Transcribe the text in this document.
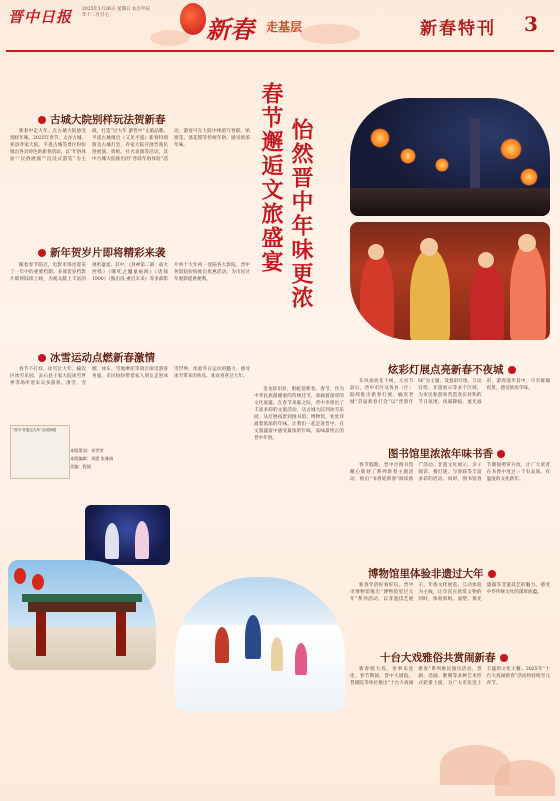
晋中日报 2025年1月26日 星期日 农历甲辰年十二月廿七	新春 走基层	新春特刊 3
古城大院别样玩法贺新春
新春中走大年。在古城大院感受别样年味。2025年春节，太谷古城、祁县乔家大院、平遥古城等景区纷纷推出各具特色的新春活动，以“年俗体验”“民俗展演”“沉浸式游览”为主线，打造“过大年 游晋中”文旅品牌。平遥古城推出《又见平遥》新春特别版及古城灯会，乔家大院开展晋商民俗展演、剪纸、社火表演等活动。其中古城大院推出的“晋商年俗体验”活动，游客可在大院中体验写春联、贴窗花、蒸花馍等传统年俗，感受浓浓年味。
新年贺岁片即将精彩来袭
随着春节临近，电影市场也迎来了一年中的重要档期。多部贺岁档影片即将陆续上映，为观众献上丰富的视听盛宴。其中，《封神第二部：战火西岐》《哪吒之魔童闹海》《唐探1900》《熊出没·重启未来》等多部影片将于大年初一登陆各大影院。晋中各影院纷纷推出优惠活动，为市民过年观影提供便利。
冰雪运动点燃新春激情
春节不打烊，冰雪过大年。榆次区冰雪乐园、灵石县王家大院冰雪世界等场所迎来众多游客。滑雪、雪圈、冰车、雪地摩托等项目深受游客喜爱。市民纷纷带着家人朋友走进冰雪世界，体验冬日运动的魅力，感受冰雪带来的快乐，欢欢喜喜过大年。
怡然晋中年味更浓
春节邂逅文旅盛宴
金龙辞旧岁，银蛇迎新春。春节，作为中华民族最隆重的传统佳节，承载着深厚的文化底蕴。在春节来临之际，晋中市推出了丰富多彩的文旅活动，从古城大院到冰雪乐园，从灯展夜景到图书馆、博物馆，处处洋溢着浓浓的年味。让我们一起走进晋中，在文旅盛宴中感受最浓的年味，品味最纯正的晋中年俗。
炫彩灯展点亮新春不夜城
东风夜放花千树。元宵节前后，晋中市区及各县（区）陆续推出新春灯展。榆次老城“首届新春灯会”以“晋韵年味”为主题，设置彩灯组、互动灯组、非遗展示等多个区域，为市民和游客营造喜庆祥和的节日氛围。夜幕降临，流光溢彩，游客漫步其中，尽享璀璨夜景，感受浓浓年味。
图书馆里浓浓年味书香
春节假期，晋中市图书馆精心策划了系列新春主题活动，推出“书香迎新春”阅读推广活动、非遗文化展示、亲子阅读、猜灯谜、写春联等丰富多彩的活动。同时，图书馆春节期间照常开放，让广大读者在书香中度过一个有品质、有温度的文化新年。
博物馆里体验非遗过大年
新春年俗好看好玩。晋中市博物馆推出“博物馆里过大年”系列活动，以非遗技艺展示、年俗文化展览、互动体验为主线，让市民在欣赏文物的同时，体验剪纸、面塑、推光漆器等非遗技艺的魅力，感受中华传统文化的深厚底蕴。
十台大戏雅俗共赏闹新春
新春唱大戏，喜事乐连连。春节期间，晋中大剧院、晋剧院等单位推出“十台大戏闹新春”系列惠民演出活动，晋剧、话剧、歌舞等多种艺术形式轮番上演，为广大市民送上丰盛的文化大餐。2025年“十台大戏闹新春”活动将持续至元宵节。
“晋中·非遗过大年”活动海报
本版策划：刘世荣
本版编辑：刘霞 张雅倩
美编：程丽
